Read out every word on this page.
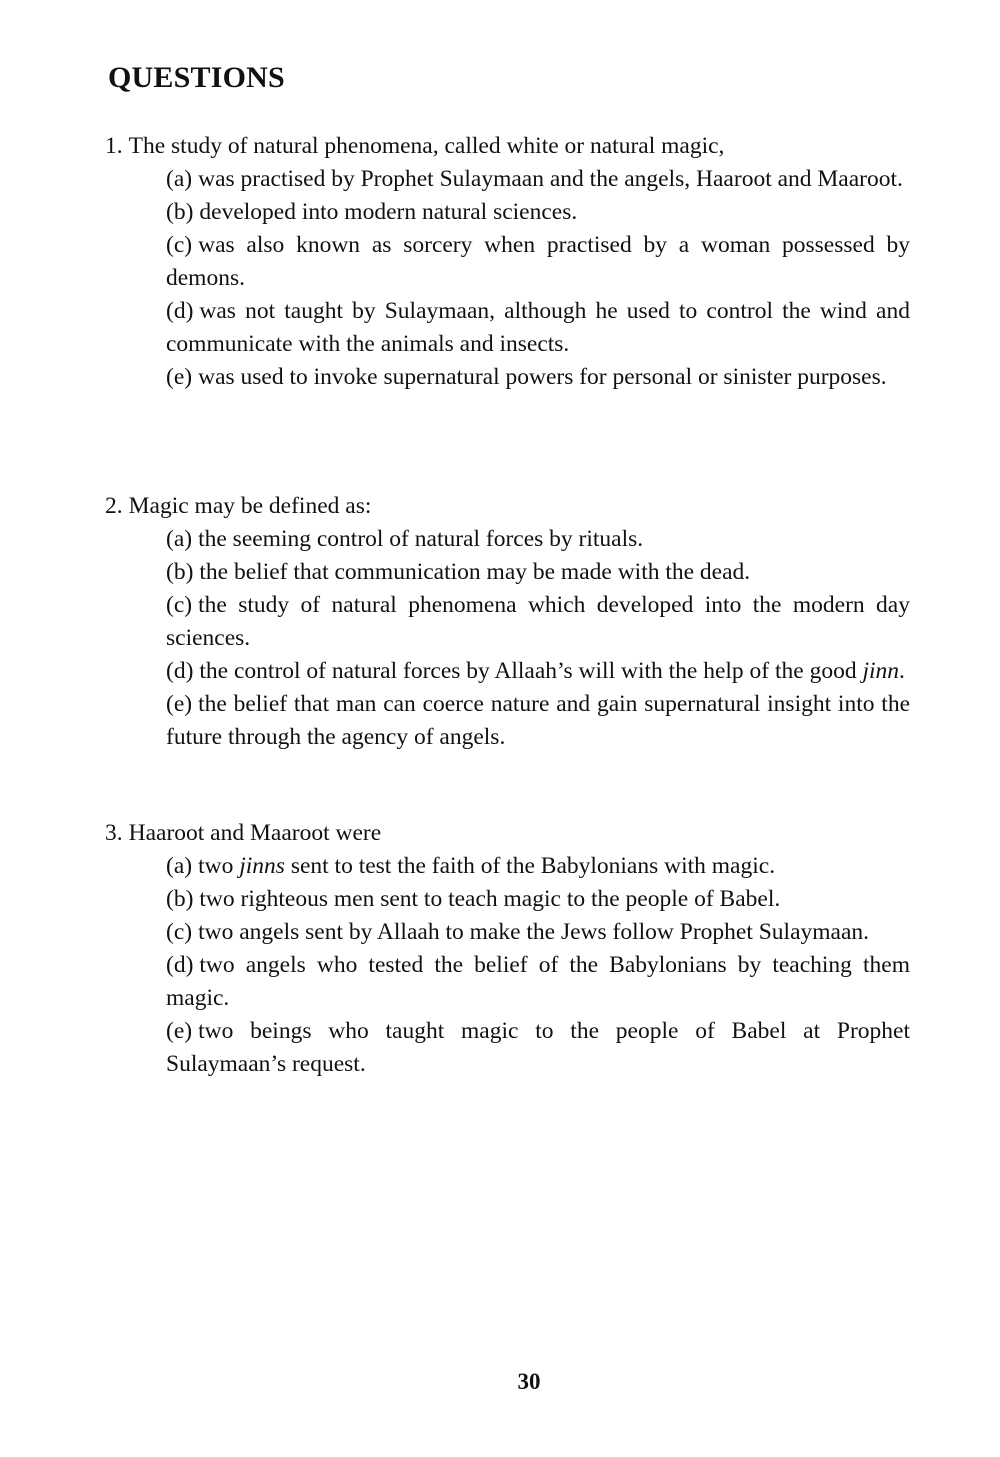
QUESTIONS

1. The study of natural phenomena, called white or natural magic,

(a) was practised by Prophet Sulaymaan and the angels, Haaroot and Maaroot.
(b) developed into modern natural sciences.
(c) was also known as sorcery when practised by a woman possessed by demons.
(d) was not taught by Sulaymaan, although he used to control the wind and communicate with the animals and insects.
(e) was used to invoke supernatural powers for personal or sinister purposes.

2. Magic may be defined as:

(a) the seeming control of natural forces by rituals.
(b) the belief that communication may be made with the dead.
(c) the study of natural phenomena which developed into the modern day sciences.
(d) the control of natural forces by Allaah’s will with the help of the good jinn.
(e) the belief that man can coerce nature and gain supernatural insight into the future through the agency of angels.

3. Haaroot and Maaroot were

(a) two jinns sent to test the faith of the Babylonians with magic.
(b) two righteous men sent to teach magic to the people of Babel.
(c) two angels sent by Allaah to make the Jews follow Prophet Sulaymaan.
(d) two angels who tested the belief of the Babylonians by teaching them magic.
(e) two beings who taught magic to the people of Babel at Prophet Sulaymaan’s request.
30
